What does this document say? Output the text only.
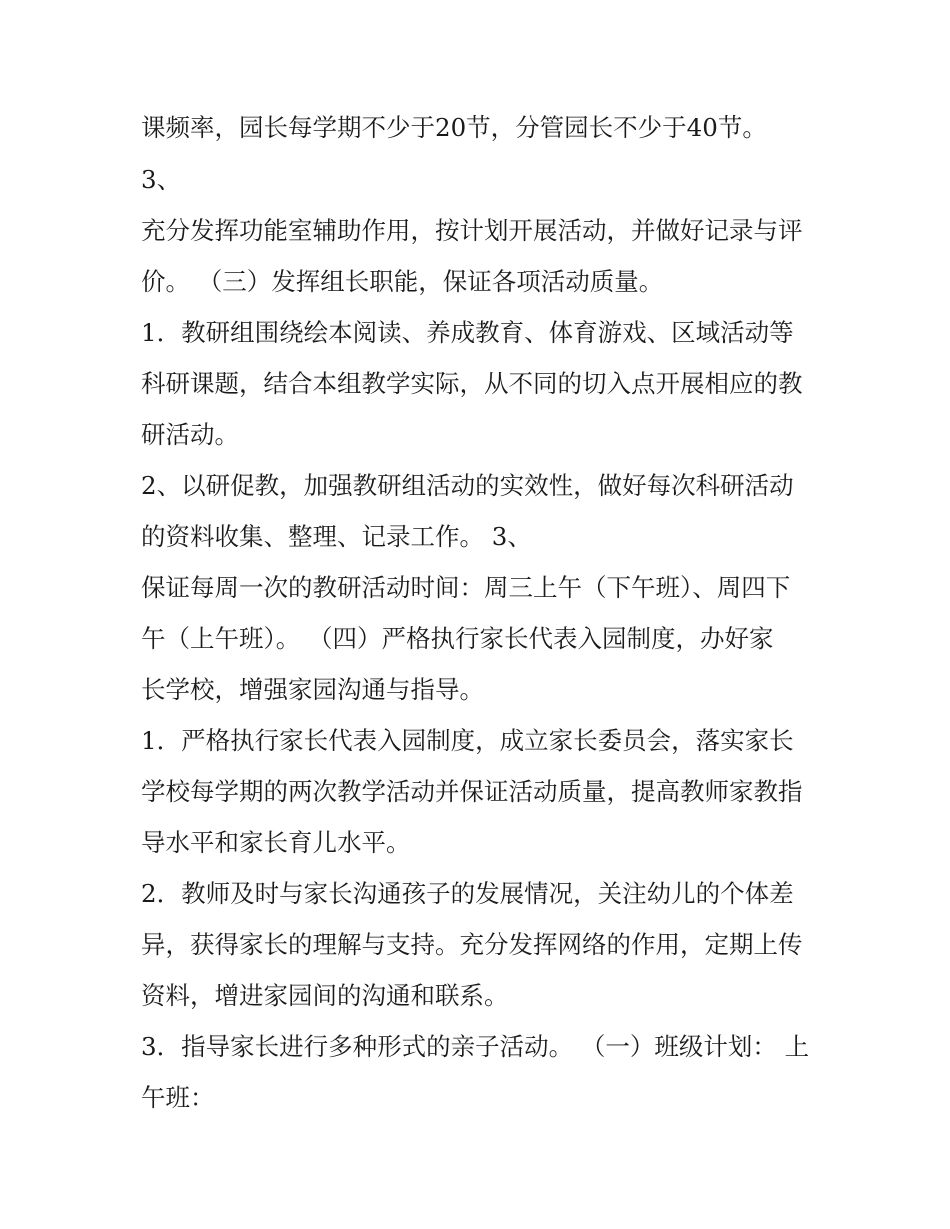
课频率，园长每学期不少于20节，分管园长不少于40节。
3、
充分发挥功能室辅助作用，按计划开展活动，并做好记录与评
价。 （三）发挥组长职能，保证各项活动质量。
1．教研组围绕绘本阅读、养成教育、体育游戏、区域活动等
科研课题，结合本组教学实际，从不同的切入点开展相应的教
研活动。
2、以研促教，加强教研组活动的实效性，做好每次科研活动
的资料收集、整理、记录工作。 3、
保证每周一次的教研活动时间：周三上午（下午班）、周四下
午（上午班）。 （四）严格执行家长代表入园制度，办好家
长学校，增强家园沟通与指导。
1．严格执行家长代表入园制度，成立家长委员会，落实家长
学校每学期的两次教学活动并保证活动质量，提高教师家教指
导水平和家长育儿水平。
2．教师及时与家长沟通孩子的发展情况，关注幼儿的个体差
异，获得家长的理解与支持。充分发挥网络的作用，定期上传
资料，增进家园间的沟通和联系。
3．指导家长进行多种形式的亲子活动。 （一）班级计划： 上
午班：
